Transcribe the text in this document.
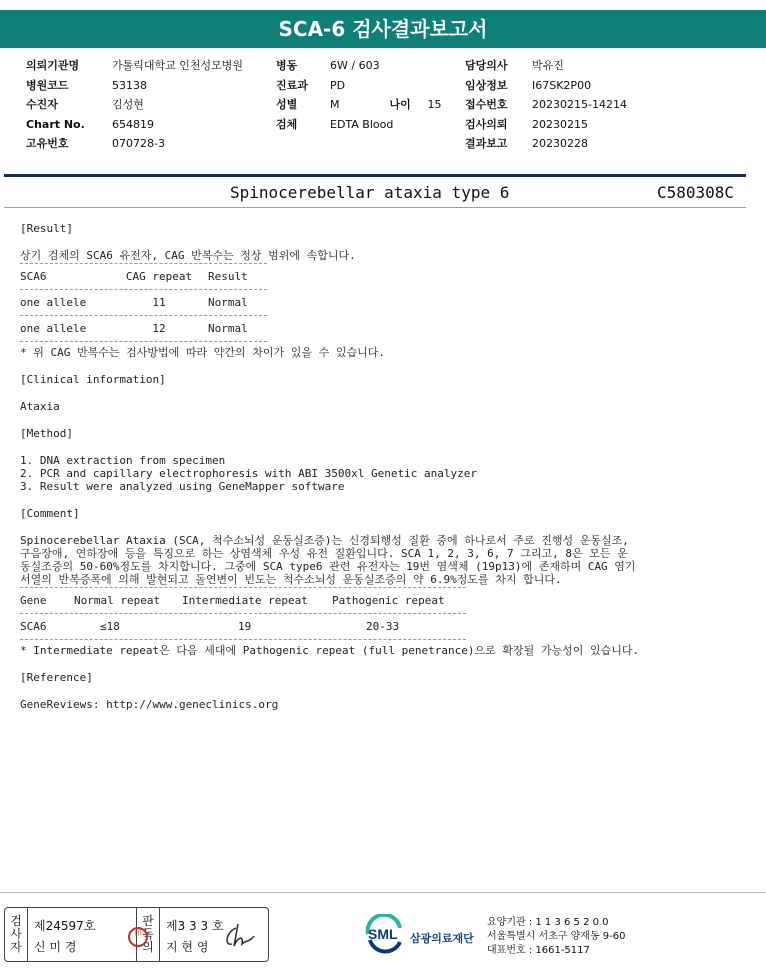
SCA-6 검사결과보고서
의뢰기관명	가톨릭대학교 인천성모병원
병원코드	53138
수진자	김성현
Chart No.	654819
고유번호	070728-3
병동	6W / 603
진료과	PD
성별	M	나이	15
검체	EDTA Blood
담당의사	박유진
임상정보	I67SK2P00
접수번호	20230215-14214
검사의뢰	20230215
결과보고	20230228
Spinocerebellar ataxia type 6	C580308C

[Result]

상기 검체의 SCA6 유전자, CAG 반복수는 정상 범위에 속합니다.

SCA6	CAG repeat	Result
one allele	11	Normal
one allele	12	Normal

* 위 CAG 반복수는 검사방법에 따라 약간의 차이가 있을 수 있습니다.

[Clinical information]

Ataxia

[Method]

1. DNA extraction from specimen

2. PCR and capillary electrophoresis with ABI 3500xl Genetic analyzer

3. Result were analyzed using GeneMapper software

[Comment]

Spinocerebellar Ataxia (SCA, 척수소뇌성 운동실조증)는 신경퇴행성 질환 중에 하나로서 주로 진행성 운동실조,

구음장애, 연하장애 등을 특징으로 하는 상염색체 우성 유전 질환입니다. SCA 1, 2, 3, 6, 7 그리고, 8은 모든 운

동실조증의 50-60%정도를 차지합니다. 그중에 SCA type6 관련 유전자는 19번 염색체 (19p13)에 존재하며 CAG 염기

서열의 반복증폭에 의해 발현되고 돌연변이 빈도는 척수소뇌성 운동실조증의 약 6.9%정도를 차지 합니다.

Gene	Normal repeat	Intermediate repeat	Pathogenic repeat
SCA6	≤18	19	20-33

* Intermediate repeat은 다음 세대에 Pathogenic repeat (full penetrance)으로 확장될 가능성이 있습니다.

[Reference]

GeneReviews: http://www.geneclinics.org

검
사
자
제24597호
신 미 경
印
판
독
의
제3 3 3 호
지 현 영
SML 삼광의료재단
요양기관 : 1 1 3 6 5 2 0 0
서울특별시 서초구 양재동 9-60
대표번호 : 1661-5117
